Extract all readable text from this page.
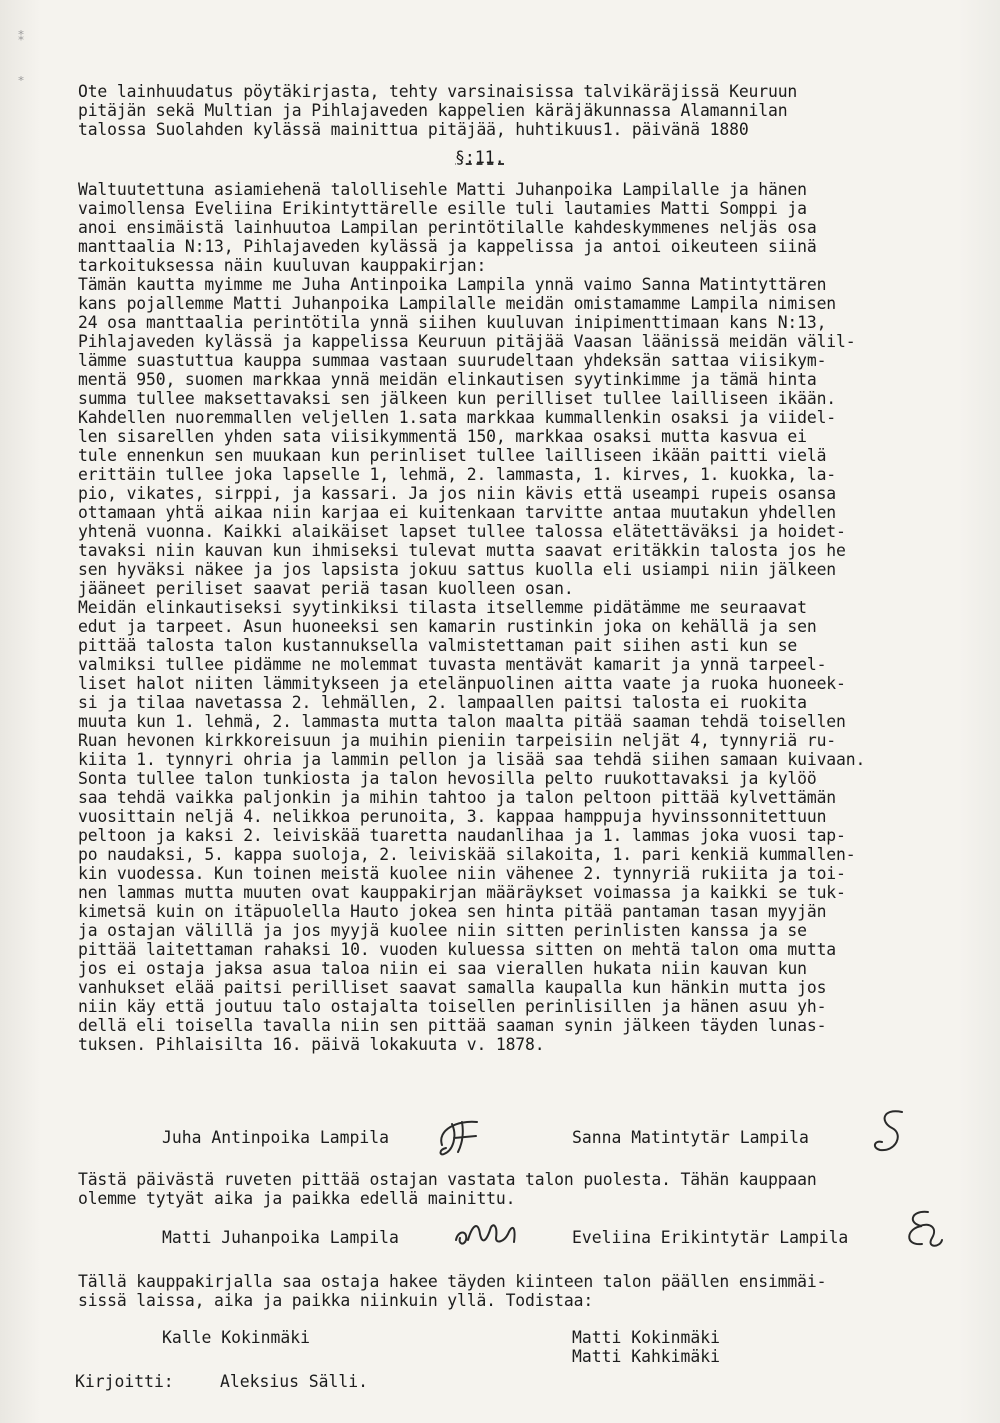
⁑
⁎
Ote lainhuudatus pöytäkirjasta, tehty varsinaisissa talvikäräjissä Keuruun
pitäjän sekä Multian ja Pihlajaveden kappelien käräjäkunnassa Alamannilan
talossa Suolahden kylässä mainittua pitäjää, huhtikuus1. päivänä 1880
§:11.
Waltuutettuna asiamiehenä talollisehle Matti Juhanpoika Lampilalle ja hänen
vaimollensa Eveliina Erikintyttärelle esille tuli lautamies Matti Somppi ja
anoi ensimäistä lainhuutoa Lampilan perintötilalle kahdeskymmenes neljäs osa
manttaalia N:13, Pihlajaveden kylässä ja kappelissa ja antoi oikeuteen siinä
tarkoituksessa näin kuuluvan kauppakirjan:
Tämän kautta myimme me Juha Antinpoika Lampila ynnä vaimo Sanna Matintyttären
kans pojallemme Matti Juhanpoika Lampilalle meidän omistamamme Lampila nimisen
24 osa manttaalia perintötila ynnä siihen kuuluvan inipimenttimaan kans N:13,
Pihlajaveden kylässä ja kappelissa Keuruun pitäjää Vaasan läänissä meidän välil-
lämme suastuttua kauppa summaa vastaan suurudeltaan yhdeksän sattaa viisikym-
mentä 950, suomen markkaa ynnä meidän elinkautisen syytinkimme ja tämä hinta
summa tullee maksettavaksi sen jälkeen kun perilliset tullee lailliseen ikään.
Kahdellen nuoremmallen veljellen 1.sata markkaa kummallenkin osaksi ja viidel-
len sisarellen yhden sata viisikymmentä 150, markkaa osaksi mutta kasvua ei
tule ennenkun sen muukaan kun perinliset tullee lailliseen ikään paitti vielä
erittäin tullee joka lapselle 1, lehmä, 2. lammasta, 1. kirves, 1. kuokka, la-
pio, vikates, sirppi, ja kassari. Ja jos niin kävis että useampi rupeis osansa
ottamaan yhtä aikaa niin karjaa ei kuitenkaan tarvitte antaa muutakun yhdellen
yhtenä vuonna. Kaikki alaikäiset lapset tullee talossa elätettäväksi ja hoidet-
tavaksi niin kauvan kun ihmiseksi tulevat mutta saavat eritäkkin talosta jos he
sen hyväksi näkee ja jos lapsista jokuu sattus kuolla eli usiampi niin jälkeen
jääneet periliset saavat periä tasan kuolleen osan.
Meidän elinkautiseksi syytinkiksi tilasta itsellemme pidätämme me seuraavat
edut ja tarpeet. Asun huoneeksi sen kamarin rustinkin joka on kehällä ja sen
pittää talosta talon kustannuksella valmistettaman pait siihen asti kun se
valmiksi tullee pidämme ne molemmat tuvasta mentävät kamarit ja ynnä tarpeel-
liset halot niiten lämmitykseen ja etelänpuolinen aitta vaate ja ruoka huoneek-
si ja tilaa navetassa 2. lehmällen, 2. lampaallen paitsi talosta ei ruokita
muuta kun 1. lehmä, 2. lammasta mutta talon maalta pitää saaman tehdä toisellen
Ruan hevonen kirkkoreisuun ja muihin pieniin tarpeisiin neljät 4, tynnyriä ru-
kiita 1. tynnyri ohria ja lammin pellon ja lisää saa tehdä siihen samaan kuivaan.
Sonta tullee talon tunkiosta ja talon hevosilla pelto ruukottavaksi ja kylöö
saa tehdä vaikka paljonkin ja mihin tahtoo ja talon peltoon pittää kylvettämän
vuosittain neljä 4. nelikkoa perunoita, 3. kappaa hamppuja hyvinssonnitettuun
peltoon ja kaksi 2. leiviskää tuaretta naudanlihaa ja 1. lammas joka vuosi tap-
po naudaksi, 5. kappa suoloja, 2. leiviskää silakoita, 1. pari kenkiä kummallen-
kin vuodessa. Kun toinen meistä kuolee niin vähenee 2. tynnyriä rukiita ja toi-
nen lammas mutta muuten ovat kauppakirjan määräykset voimassa ja kaikki se tuk-
kimetsä kuin on itäpuolella Hauto jokea sen hinta pitää pantaman tasan myyjän
ja ostajan välillä ja jos myyjä kuolee niin sitten perinlisten kanssa ja se
pittää laitettaman rahaksi 10. vuoden kuluessa sitten on mehtä talon oma mutta
jos ei ostaja jaksa asua taloa niin ei saa vierallen hukata niin kauvan kun
vanhukset elää paitsi perilliset saavat samalla kaupalla kun hänkin mutta jos
niin käy että joutuu talo ostajalta toisellen perinlisillen ja hänen asuu yh-
dellä eli toisella tavalla niin sen pittää saaman synin jälkeen täyden lunas-
tuksen. Pihlaisilta 16. päivä lokakuuta v. 1878.
Juha Antinpoika Lampila	Sanna Matintytär Lampila
Tästä päivästä ruveten pittää ostajan vastata talon puolesta. Tähän kauppaan
olemme tytyät aika ja paikka edellä mainittu.
Matti Juhanpoika Lampila	Eveliina Erikintytär Lampila
Tällä kauppakirjalla saa ostaja hakee täyden kiinteen talon päällen ensimmäi-
sissä laissa, aika ja paikka niinkuin yllä. Todistaa:
Kalle Kokinmäki	Matti Kokinmäki
Matti Kahkimäki
Kirjoitti:	Aleksius Sälli.
